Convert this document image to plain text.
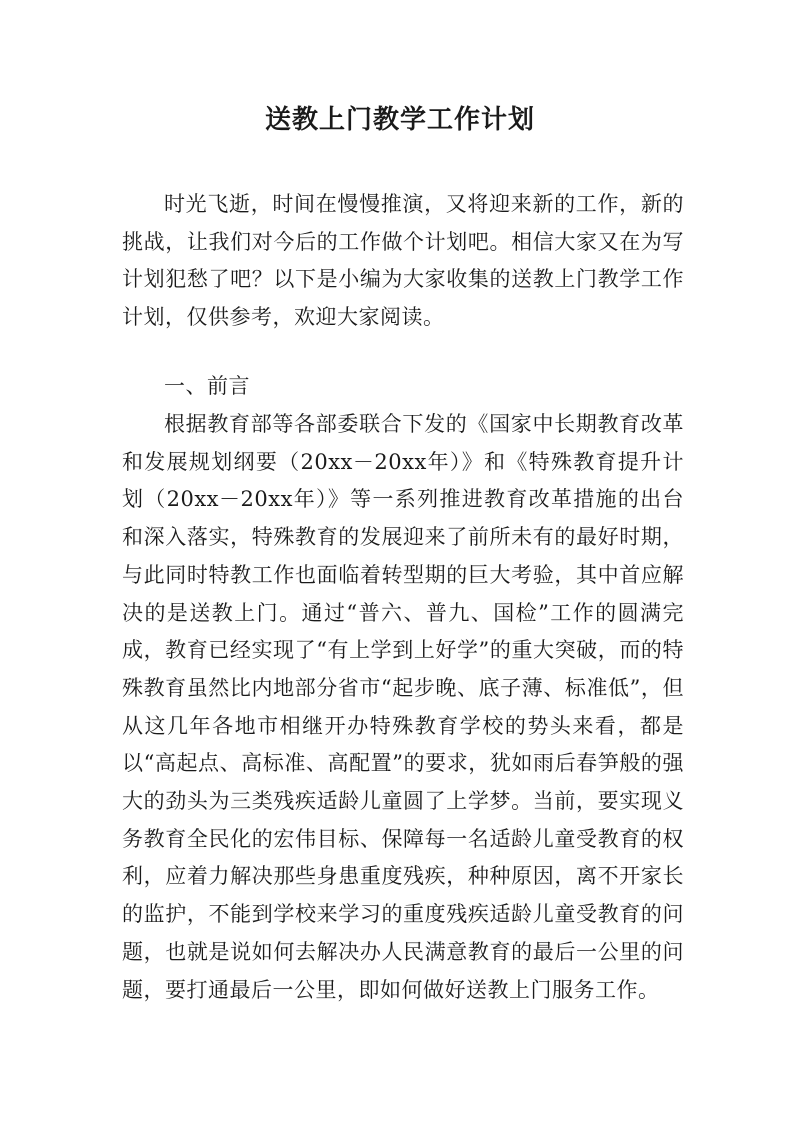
送教上门教学工作计划

时光飞逝，时间在慢慢推演，又将迎来新的工作，新的挑战，让我们对今后的工作做个计划吧。相信大家又在为写计划犯愁了吧？以下是小编为大家收集的送教上门教学工作计划，仅供参考，欢迎大家阅读。

一、前言

根据教育部等各部委联合下发的《国家中长期教育改革和发展规划纲要（20xx－20xx年）》和《特殊教育提升计划（20xx－20xx年）》等一系列推进教育改革措施的出台和深入落实，特殊教育的发展迎来了前所未有的最好时期，与此同时特教工作也面临着转型期的巨大考验，其中首应解决的是送教上门。通过“普六、普九、国检”工作的圆满完成，教育已经实现了“有上学到上好学”的重大突破，而的特殊教育虽然比内地部分省市“起步晚、底子薄、标准低”，但从这几年各地市相继开办特殊教育学校的势头来看，都是以“高起点、高标准、高配置”的要求，犹如雨后春笋般的强大的劲头为三类残疾适龄儿童圆了上学梦。当前，要实现义务教育全民化的宏伟目标、保障每一名适龄儿童受教育的权利，应着力解决那些身患重度残疾，种种原因，离不开家长的监护，不能到学校来学习的重度残疾适龄儿童受教育的问题，也就是说如何去解决办人民满意教育的最后一公里的问题，要打通最后一公里，即如何做好送教上门服务工作。
